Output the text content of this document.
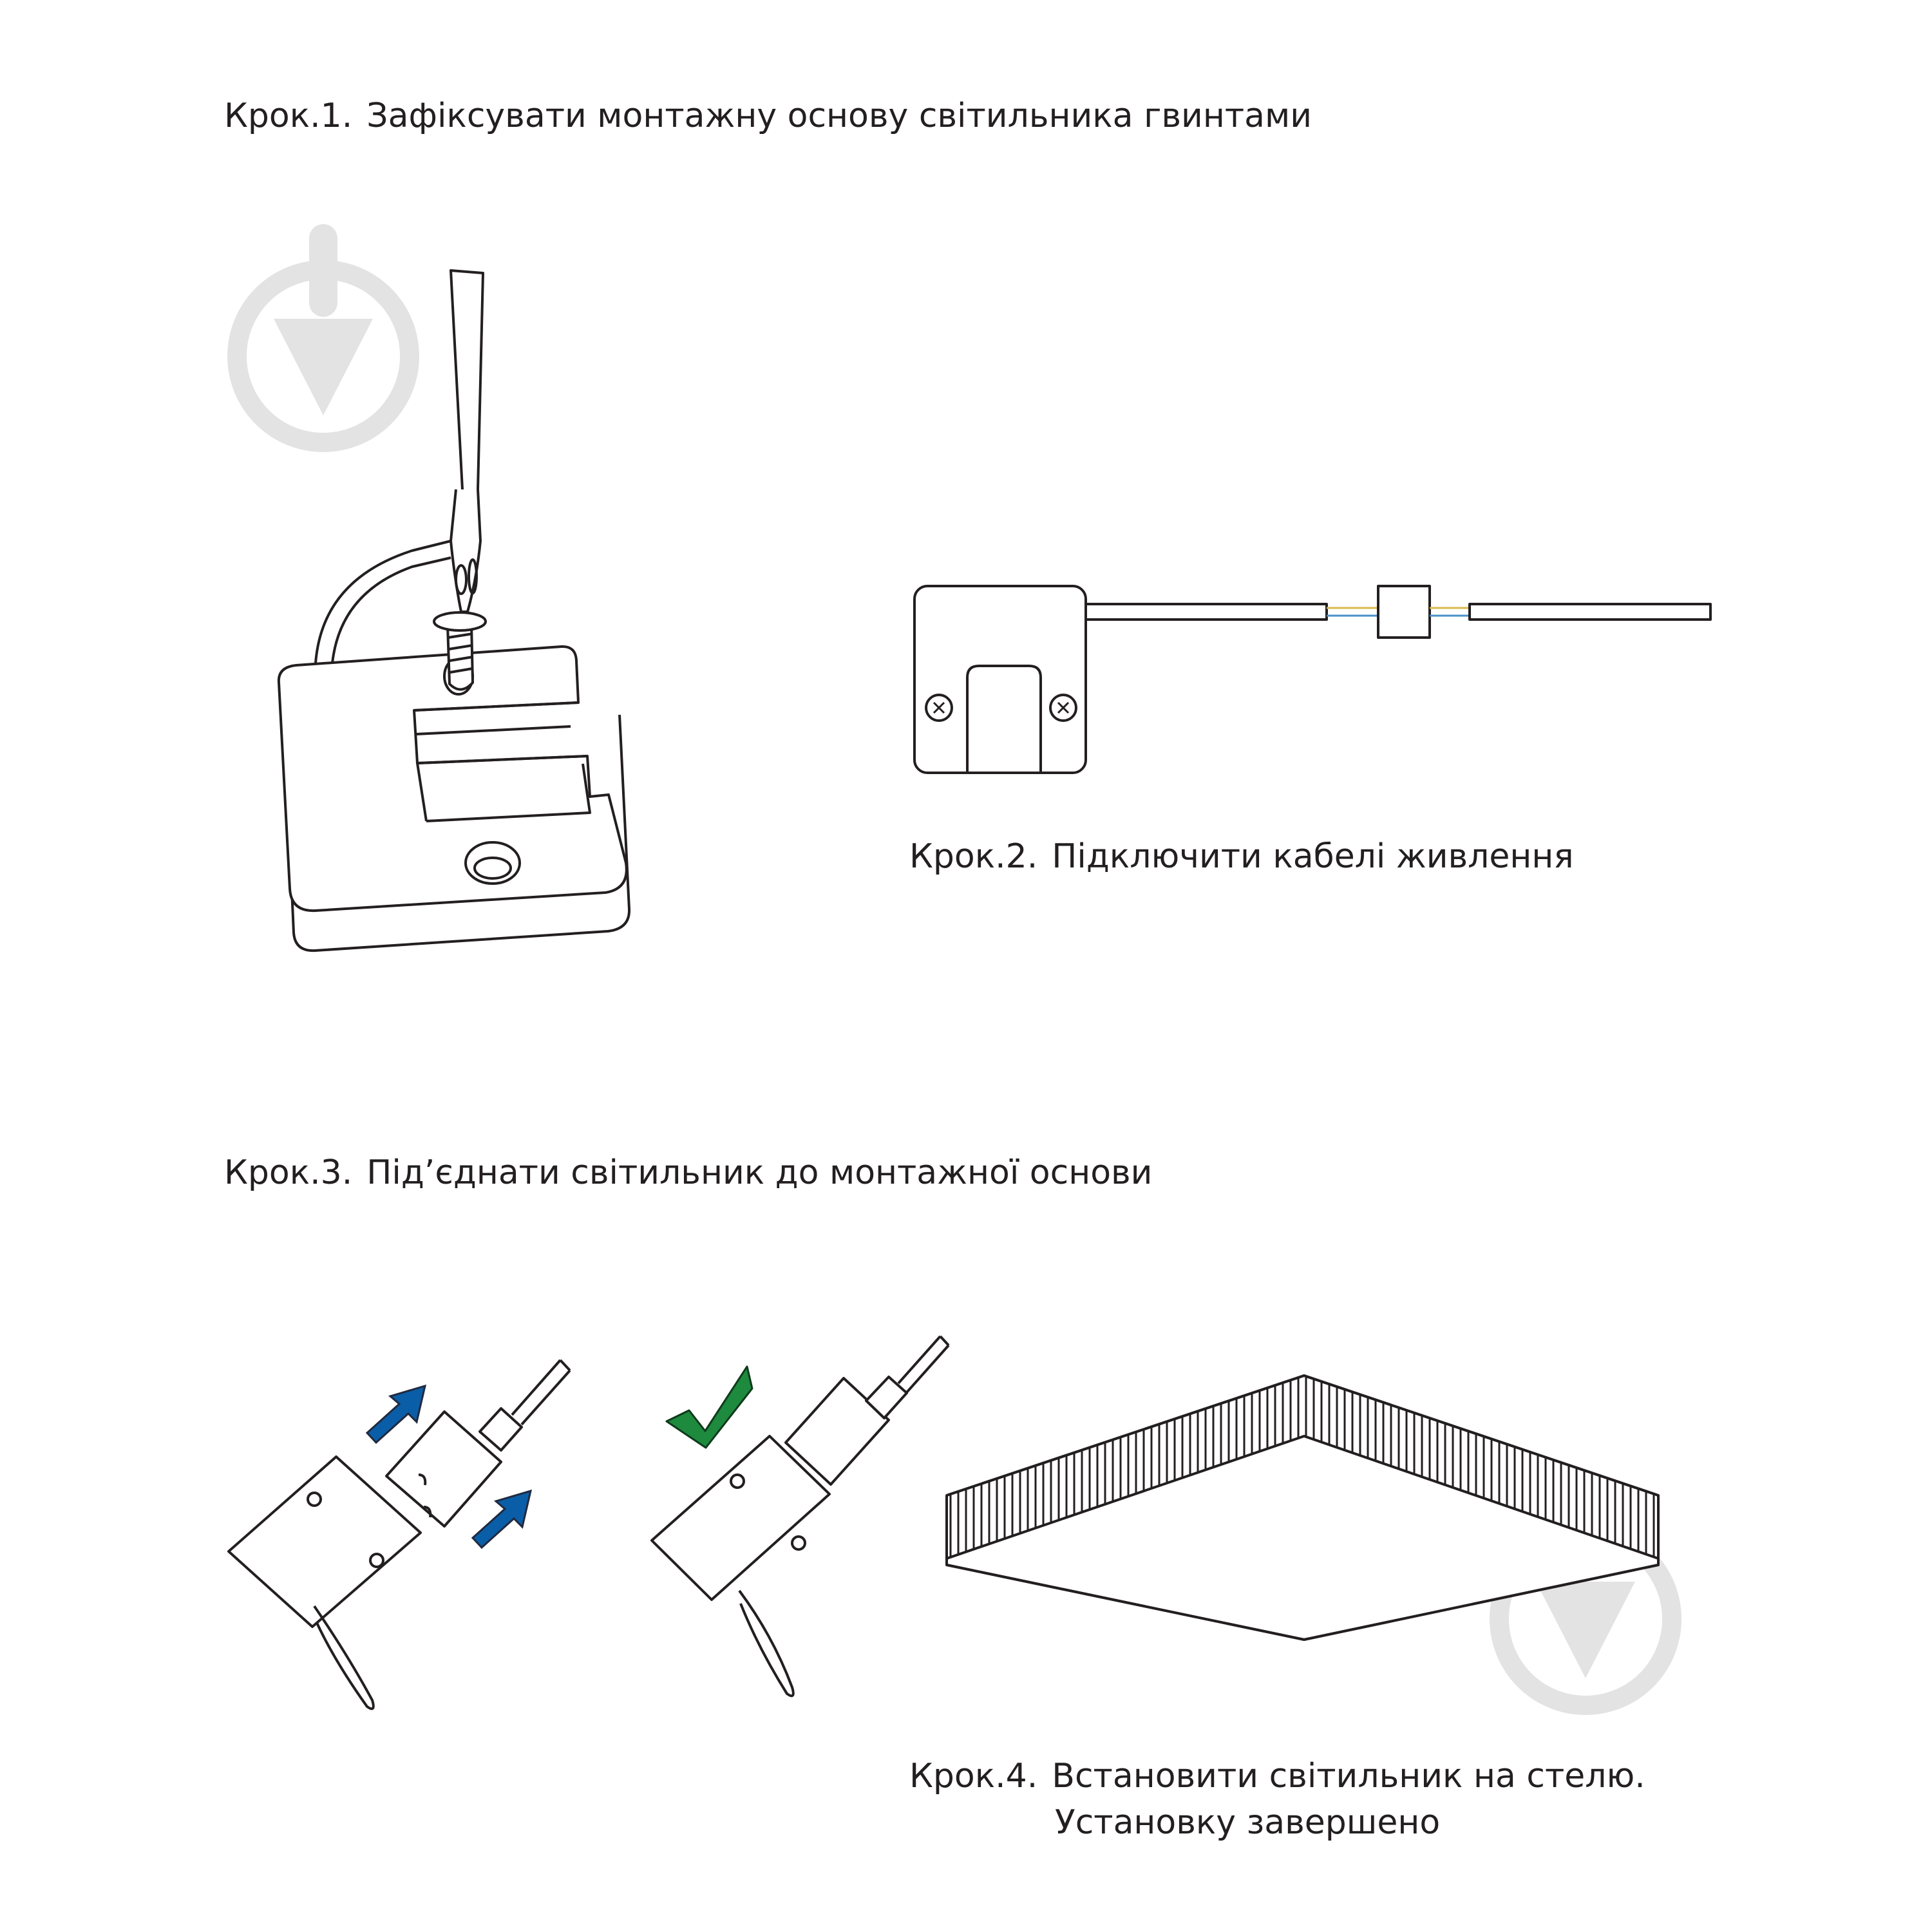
Крок.1. Зафіксувати монтажну основу світильника гвинтами
Крок.2. Підключити кабелі живлення
Крок.3. Під’єднати світильник до монтажної основи
Крок.4. Встановити світильник на стелю.
Установку завершено
